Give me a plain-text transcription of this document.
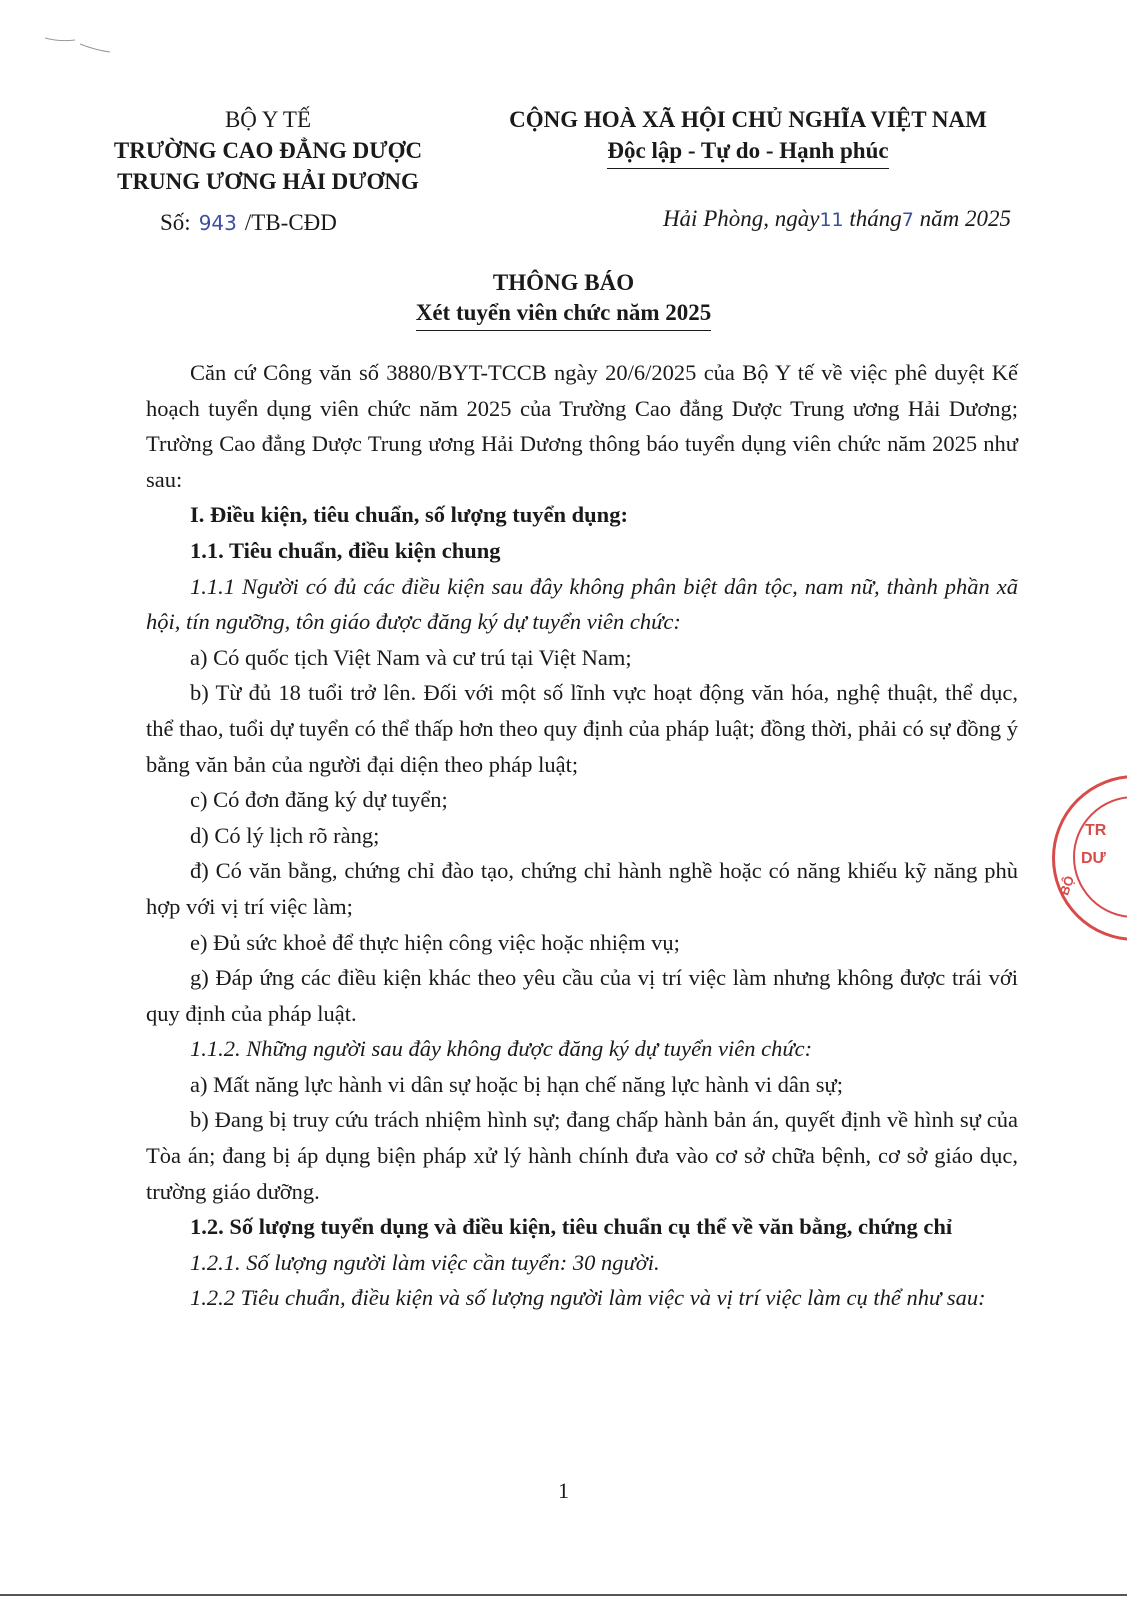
BỘ Y TẾ
TRƯỜNG CAO ĐẲNG DƯỢC
TRUNG ƯƠNG HẢI DƯƠNG
CỘNG HOÀ XÃ HỘI CHỦ NGHĨA VIỆT NAM
Độc lập - Tự do - Hạnh phúc
Số: 943 /TB-CĐD	Hải Phòng, ngày11 tháng7 năm 2025
THÔNG BÁO
Xét tuyển viên chức năm 2025

Căn cứ Công văn số 3880/BYT-TCCB ngày 20/6/2025 của Bộ Y tế về việc phê duyệt Kế hoạch tuyển dụng viên chức năm 2025 của Trường Cao đẳng Dược Trung ương Hải Dương; Trường Cao đẳng Dược Trung ương Hải Dương thông báo tuyển dụng viên chức năm 2025 như sau:

I. Điều kiện, tiêu chuẩn, số lượng tuyển dụng:

1.1. Tiêu chuẩn, điều kiện chung

1.1.1 Người có đủ các điều kiện sau đây không phân biệt dân tộc, nam nữ, thành phần xã hội, tín ngưỡng, tôn giáo được đăng ký dự tuyển viên chức:

a) Có quốc tịch Việt Nam và cư trú tại Việt Nam;

b) Từ đủ 18 tuổi trở lên. Đối với một số lĩnh vực hoạt động văn hóa, nghệ thuật, thể dục, thể thao, tuổi dự tuyển có thể thấp hơn theo quy định của pháp luật; đồng thời, phải có sự đồng ý bằng văn bản của người đại diện theo pháp luật;

c) Có đơn đăng ký dự tuyển;

d) Có lý lịch rõ ràng;

đ) Có văn bằng, chứng chỉ đào tạo, chứng chỉ hành nghề hoặc có năng khiếu kỹ năng phù hợp với vị trí việc làm;

e) Đủ sức khoẻ để thực hiện công việc hoặc nhiệm vụ;

g) Đáp ứng các điều kiện khác theo yêu cầu của vị trí việc làm nhưng không được trái với quy định của pháp luật.

1.1.2. Những người sau đây không được đăng ký dự tuyển viên chức:

a) Mất năng lực hành vi dân sự hoặc bị hạn chế năng lực hành vi dân sự;

b) Đang bị truy cứu trách nhiệm hình sự; đang chấp hành bản án, quyết định về hình sự của Tòa án; đang bị áp dụng biện pháp xử lý hành chính đưa vào cơ sở chữa bệnh, cơ sở giáo dục, trường giáo dưỡng.

1.2. Số lượng tuyển dụng và điều kiện, tiêu chuẩn cụ thể về văn bằng, chứng chỉ

1.2.1. Số lượng người làm việc cần tuyển: 30 người.

1.2.2 Tiêu chuẩn, điều kiện và số lượng người làm việc và vị trí việc làm cụ thể như sau:

TR
DƯ
BỘ
1
